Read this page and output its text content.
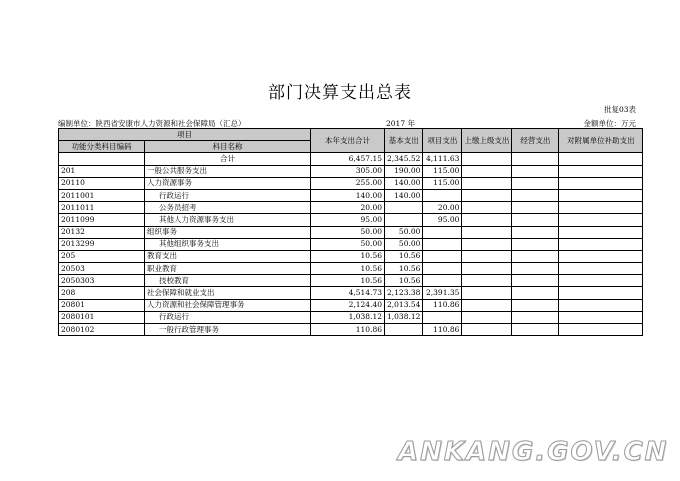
部门决算支出总表
批复03表
编制单位：陕西省安康市人力资源和社会保障局（汇总）	2017 年	金额单位：万元
项目		本年支出合计	基本支出	项目支出	上缴上级支出	经营支出	对附属单位补助支出
功能分类科目编码	科目名称						
	合计	6,457.15	2,345.52	4,111.63			
201	一般公共服务支出	305.00	190.00	115.00			
20110	人力资源事务	255.00	140.00	115.00			
2011001	行政运行	140.00	140.00				
2011011	公务员招考	20.00		20.00			
2011099	其他人力资源事务支出	95.00		95.00			
20132	组织事务	50.00	50.00				
2013299	其他组织事务支出	50.00	50.00				
205	教育支出	10.56	10.56				
20503	职业教育	10.56	10.56				
2050303	技校教育	10.56	10.56				
208	社会保障和就业支出	4,514.73	2,123.38	2,391.35			
20801	人力资源和社会保障管理事务	2,124.40	2,013.54	110.86			
2080101	行政运行	1,038.12	1,038.12				
2080102	一般行政管理事务	110.86		110.86			
ANKANG.GOV.CN
